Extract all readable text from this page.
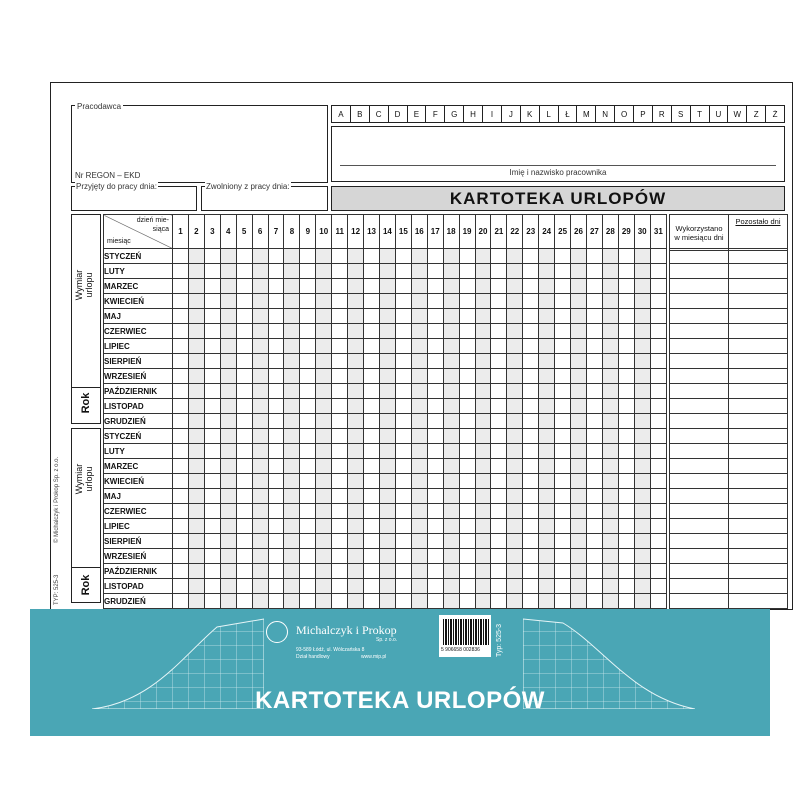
Pracodawca
Nr REGON – EKD
A	B	C	D	E	F	G	H	I	J	K	L	Ł	M	N	O	P	R	S	T	U	W	Z	Ż
Imię i nazwisko pracownika
Przyjęty do pracy dnia:	Zwolniony z pracy dnia:
KARTOTEKA URLOPÓW
TYP: 525-3
© Michalczyk i Prokop Sp. z o.o.
Wymiar
urlopu
Rok
Wymiar
urlopu
Rok
dzień mie-
siąca
miesiąc
	1	2	3	4	5	6	7	8	9	10	11	12	13	14	15	16	17	18	19	20	21	22	23	24	25	26	27	28	29	30	31
STYCZEŃ																															
LUTY																															
MARZEC																															
KWIECIEŃ																															
MAJ																															
CZERWIEC																															
LIPIEC																															
SIERPIEŃ																															
WRZESIEŃ																															
PAŹDZIERNIK																															
LISTOPAD																															
GRUDZIEŃ																															
STYCZEŃ																															
LUTY																															
MARZEC																															
KWIECIEŃ																															
MAJ																															
CZERWIEC																															
LIPIEC																															
SIERPIEŃ																															
WRZESIEŃ																															
PAŹDZIERNIK																															
LISTOPAD																															
GRUDZIEŃ																															
Wykorzystano
w miesiącu dni	Pozostało dni

Michalczyk i Prokop
Sp. z o.o.
93-589 Łódź, ul. Wólczańska 8
Dział handlowy	www.mip.pl
5 906658 002836 Typ: 525-3
KARTOTEKA URLOPÓW
